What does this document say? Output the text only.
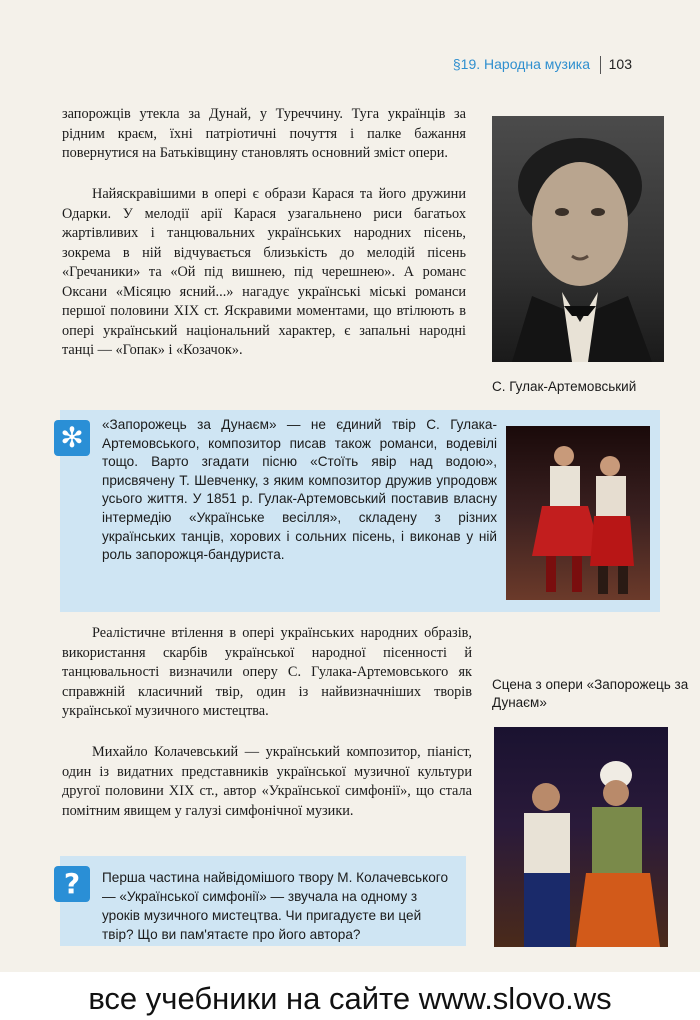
§19. Народна музика 103

запорожців утекла за Дунай, у Туреччину. Туга українців за рідним краєм, їхні патріотичні почуття і палке бажання повернутися на Батьківщину становлять основний зміст опери.

Найяскравішими в опері є образи Карася та його дружини Одарки. У мелодії арії Карася узагальнено риси багатьох жартівливих і танцювальних українських народних пісень, зокрема в ній відчувається близькість до мелодій пісень «Гречаники» та «Ой під вишнею, під черешнею». А романс Оксани «Місяцю ясний...» нагадує українські міські романси першої половини XIX ст. Яскравими моментами, що втілюють в опері український національний характер, є запальні народні танці — «Гопак» і «Козачок».

С. Гулак-Артемовський

«Запорожець за Дунаєм» — не єдиний твір С. Гулака-Артемовського, композитор писав також романси, водевілі тощо. Варто згадати пісню «Стоїть явір над водою», присвячену Т. Шевченку, з яким композитор дружив упродовж усього життя. У 1851 р. Гулак-Артемовський поставив власну інтермедію «Українське весілля», складену з різних українських танців, хорових і сольних пісень, і виконав у ній роль запорожця-бандуриста.

✻
Сцена з опери «Запорожець за Дунаєм»

Реалістичне втілення в опері українських народних образів, використання скарбів української народної пісенності й танцювальності визначили оперу С. Гулака-Артемовського як справжній класичний твір, один із найвизначніших творів української музичного мистецтва.

Михайло Колачевський — український композитор, піаніст, один із видатних представників української музичної культури другої половини XIX ст., автор «Української симфонії», що стала помітним явищем у галузі симфонічної музики.

Перша частина найвідомішого твору М. Колачевського — «Української симфонії» — звучала на одному з уроків музичного мистецтва. Чи пригадуєте ви цей твір? Що ви пам'ятаєте про його автора?

?
все учебники на сайте www.slovo.ws
